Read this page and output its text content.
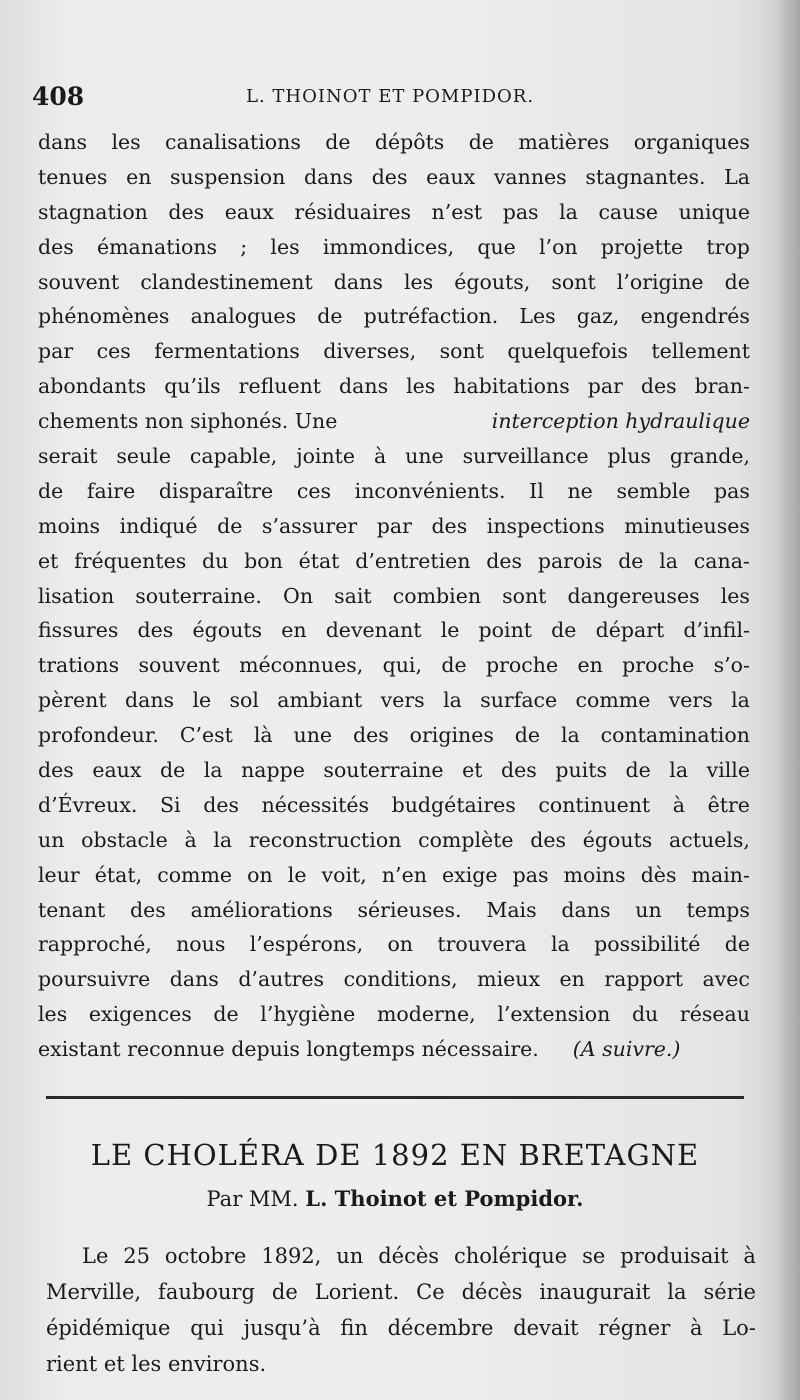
408	L. THOINOT ET POMPIDOR.
dans les canalisations de dépôts de matières organiques
tenues en suspension dans des eaux vannes stagnantes. La
stagnation des eaux résiduaires n’est pas la cause unique
des émanations ; les immondices, que l’on projette trop
souvent clandestinement dans les égouts, sont l’origine de
phénomènes analogues de putréfaction. Les gaz, engendrés
par ces fermentations diverses, sont quelquefois tellement
abondants qu’ils refluent dans les habitations par des bran-
chements non siphonés. Une	interception hydraulique
serait seule capable, jointe à une surveillance plus grande,
de faire disparaître ces inconvénients. Il ne semble pas
moins indiqué de s’assurer par des inspections minutieuses
et fréquentes du bon état d’entretien des parois de la cana-
lisation souterraine. On sait combien sont dangereuses les
fissures des égouts en devenant le point de départ d’infil-
trations souvent méconnues, qui, de proche en proche s’o-
pèrent dans le sol ambiant vers la surface comme vers la
profondeur. C’est là une des origines de la contamination
des eaux de la nappe souterraine et des puits de la ville
d’Évreux. Si des nécessités budgétaires continuent à être
un obstacle à la reconstruction complète des égouts actuels,
leur état, comme on le voit, n’en exige pas moins dès main-
tenant des améliorations sérieuses. Mais dans un temps
rapproché, nous l’espérons, on trouvera la possibilité de
poursuivre dans d’autres conditions, mieux en rapport avec
les exigences de l’hygiène moderne, l’extension du réseau
existant reconnue depuis longtemps nécessaire. (A suivre.)
LE CHOLÉRA DE 1892 EN BRETAGNE
Par MM. L. Thoinot et Pompidor.
Le 25 octobre 1892, un décès cholérique se produisait à
Merville, faubourg de Lorient. Ce décès inaugurait la série
épidémique qui jusqu’à fin décembre devait régner à Lo-
rient et les environs.
